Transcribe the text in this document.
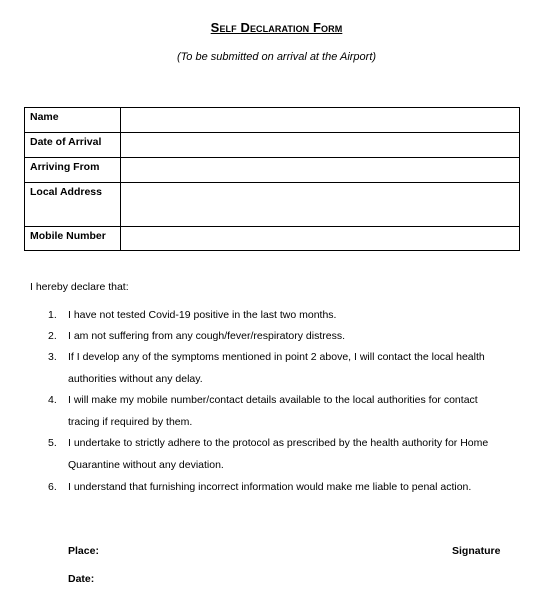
Self Declaration Form
(To be submitted on arrival at the Airport)
Name	
Date of Arrival	
Arriving From	
Local Address	
Mobile Number	
I hereby declare that:
1.	I have not tested Covid-19 positive in the last two months.
2.	I am not suffering from any cough/fever/respiratory distress.
3.	If I develop any of the symptoms mentioned in point 2 above, I will contact the local health
authorities without any delay.
4.	I will make my mobile number/contact details available to the local authorities for contact
tracing if required by them.
5.	I undertake to strictly adhere to the protocol as prescribed by the health authority for Home
Quarantine without any deviation.
6.	I understand that furnishing incorrect information would make me liable to penal action.
Place:	Signature
Date:
